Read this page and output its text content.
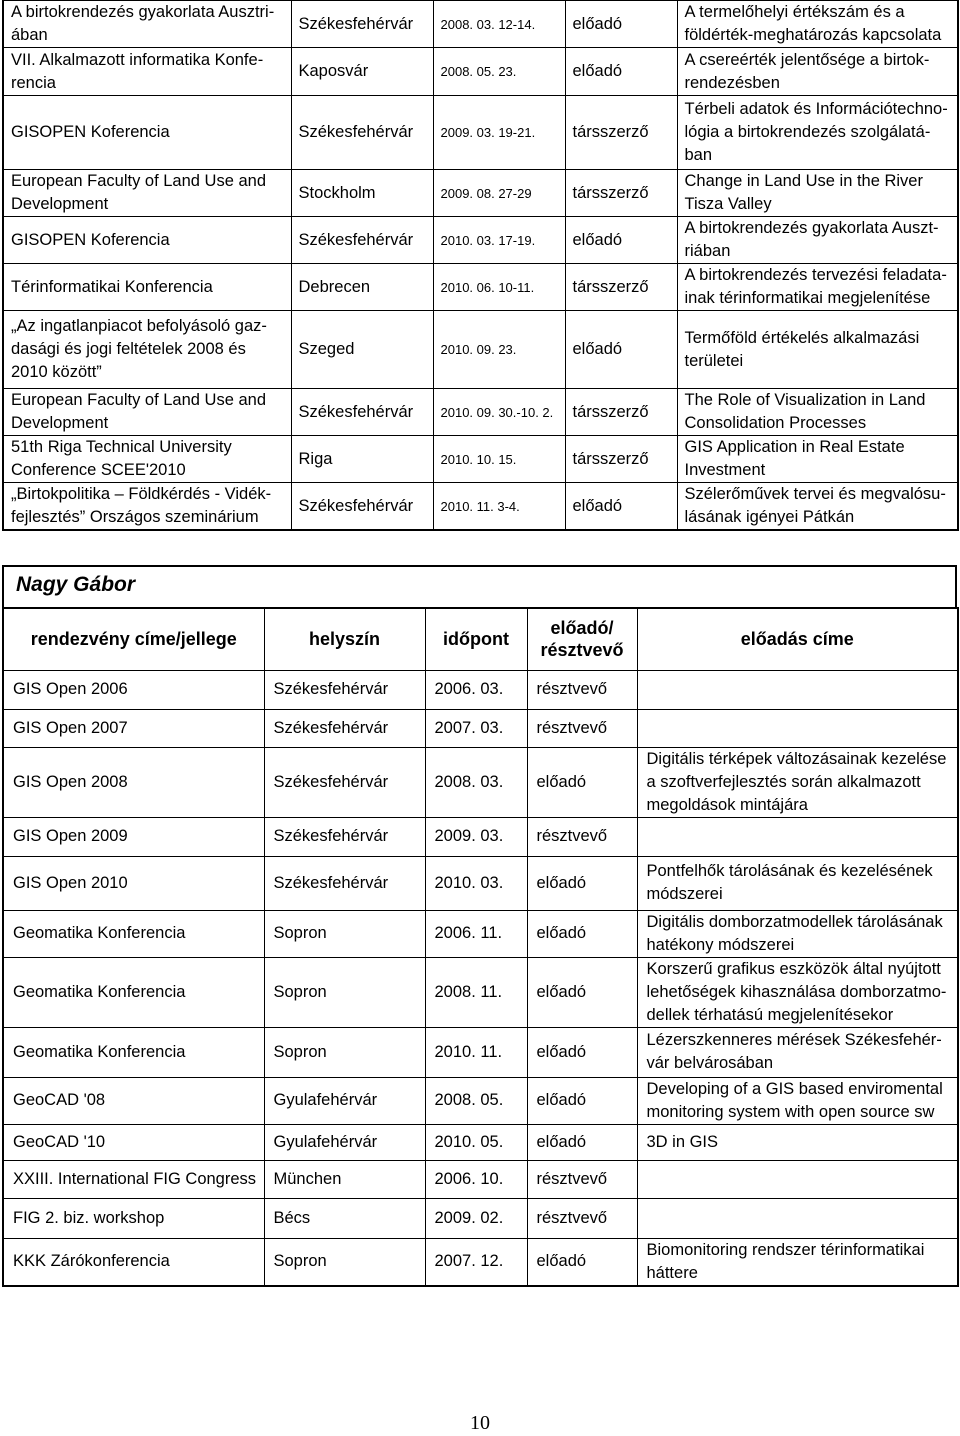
A birtokrendezés gyakorlata Ausztri-ában	Székesfehérvár	2008. 03. 12-14.	előadó	A termelőhelyi értékszám és a földérték-meghatározás kapcsolata
VII. Alkalmazott informatika Konfe-rencia	Kaposvár	2008. 05. 23.	előadó	A csereérték jelentősége a birtok-rendezésben
GISOPEN Koferencia	Székesfehérvár	2009. 03. 19-21.	társszerző	Térbeli adatok és Információtechno-lógia a birtokrendezés szolgálatá-ban
European Faculty of Land Use and Development	Stockholm	2009. 08. 27-29	társszerző	Change in Land Use in the River Tisza Valley
GISOPEN Koferencia	Székesfehérvár	2010. 03. 17-19.	előadó	A birtokrendezés gyakorlata Auszt-riában
Térinformatikai Konferencia	Debrecen	2010. 06. 10-11.	társszerző	A birtokrendezés tervezési feladata-inak térinformatikai megjelenítése
„Az ingatlanpiacot befolyásoló gaz-dasági és jogi feltételek 2008 és 2010 között”	Szeged	2010. 09. 23.	előadó	Termőföld értékelés alkalmazási területei
European Faculty of Land Use and Development	Székesfehérvár	2010. 09. 30.-10. 2.	társszerző	The Role of Visualization in Land Consolidation Processes
51th Riga Technical University Conference SCEE'2010	Riga	2010. 10. 15.	társszerző	GIS Application in Real Estate Investment
„Birtokpolitika – Földkérdés - Vidék-fejlesztés” Országos szeminárium	Székesfehérvár	2010. 11. 3-4.	előadó	Szélerőművek tervei és megvalósu-lásának igényei Pátkán
Nagy Gábor
rendezvény címe/jellege	helyszín	időpont	előadó/ résztvevő	előadás címe
GIS Open 2006	Székesfehérvár	2006. 03.	résztvevő	
GIS Open 2007	Székesfehérvár	2007. 03.	résztvevő	
GIS Open 2008	Székesfehérvár	2008. 03.	előadó	Digitális térképek változásainak kezelése a szoftverfejlesztés során alkalmazott megoldások mintájára
GIS Open 2009	Székesfehérvár	2009. 03.	résztvevő	
GIS Open 2010	Székesfehérvár	2010. 03.	előadó	Pontfelhők tárolásának és kezelésének módszerei
Geomatika Konferencia	Sopron	2006. 11.	előadó	Digitális domborzatmodellek tárolásának hatékony módszerei
Geomatika Konferencia	Sopron	2008. 11.	előadó	Korszerű grafikus eszközök által nyújtott lehetőségek kihasználása domborzatmo-dellek térhatású megjelenítésekor
Geomatika Konferencia	Sopron	2010. 11.	előadó	Lézerszkenneres mérések Székesfehér-vár belvárosában
GeoCAD '08	Gyulafehérvár	2008. 05.	előadó	Developing of a GIS based enviromental monitoring system with open source sw
GeoCAD '10	Gyulafehérvár	2010. 05.	előadó	3D in GIS
XXIII. International FIG Congress	München	2006. 10.	résztvevő	
FIG 2. biz. workshop	Bécs	2009. 02.	résztvevő	
KKK Zárókonferencia	Sopron	2007. 12.	előadó	Biomonitoring rendszer térinformatikai háttere
10
